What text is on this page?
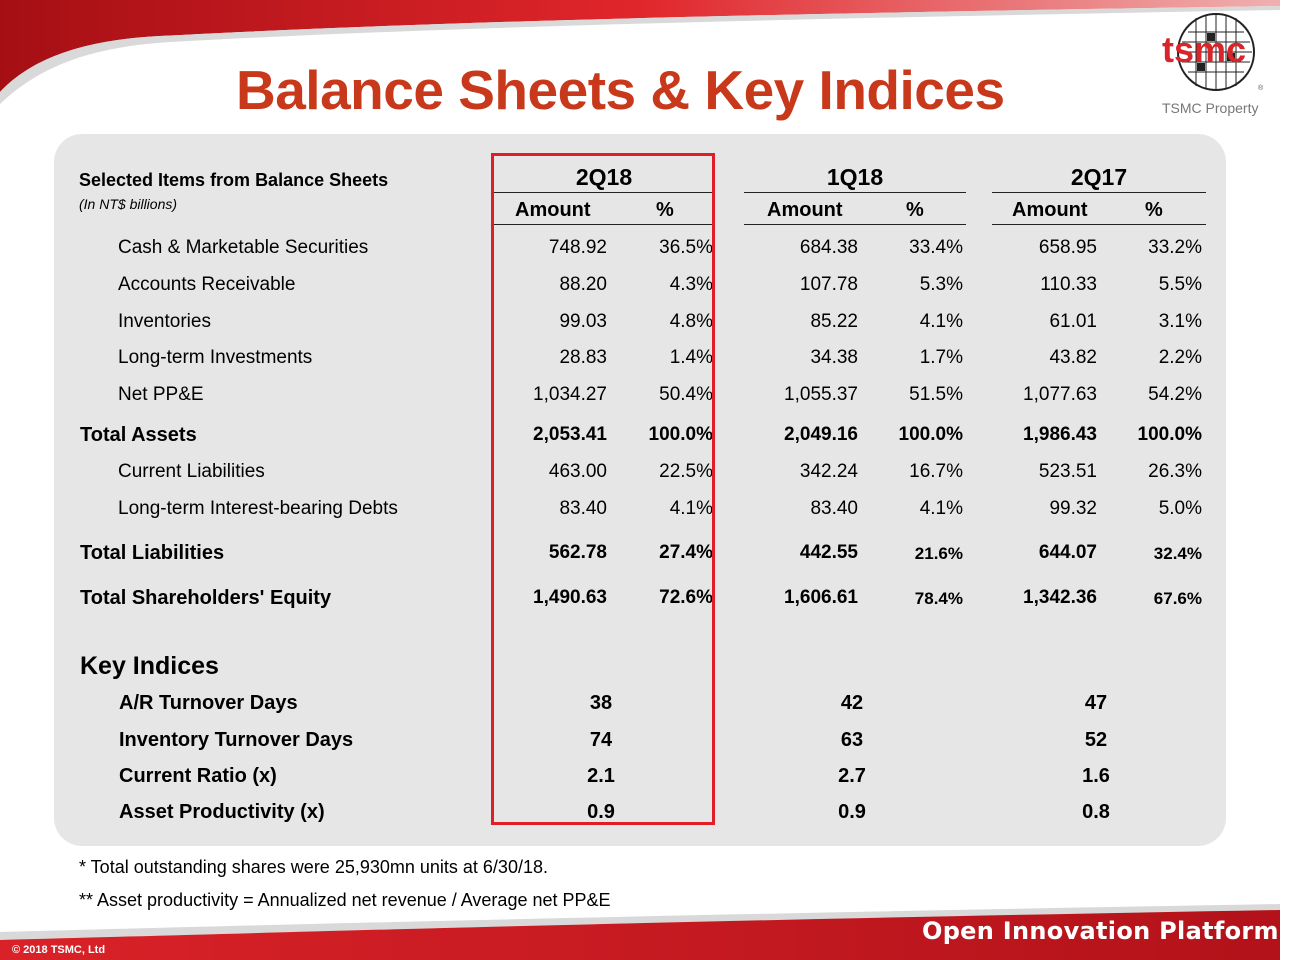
Balance Sheets & Key Indices
tsmc
®
TSMC Property
Selected Items from Balance Sheets
(In NT$ billions)
2Q18	1Q18	2Q17
Amount	%	Amount	%	Amount	%
Cash & Marketable Securities	748.92	36.5%	684.38	33.4%	658.95	33.2%
Accounts Receivable	88.20	4.3%	107.78	5.3%	110.33	5.5%
Inventories	99.03	4.8%	85.22	4.1%	61.01	3.1%
Long-term Investments	28.83	1.4%	34.38	1.7%	43.82	2.2%
Net PP&E	1,034.27	50.4%	1,055.37	51.5%	1,077.63	54.2%
Total Assets	2,053.41	100.0%	2,049.16	100.0%	1,986.43	100.0%
Current Liabilities	463.00	22.5%	342.24	16.7%	523.51	26.3%
Long-term Interest-bearing Debts	83.40	4.1%	83.40	4.1%	99.32	5.0%
Total Liabilities	562.78	27.4%	442.55	21.6%	644.07	32.4%
Total Shareholders' Equity	1,490.63	72.6%	1,606.61	78.4%	1,342.36	67.6%
Key Indices
A/R Turnover Days	38	42	47
Inventory Turnover Days	74	63	52
Current Ratio (x)	2.1	2.7	1.6
Asset Productivity (x)	0.9	0.9	0.8
* Total outstanding shares were 25,930mn units at 6/30/18.
** Asset productivity = Annualized net revenue / Average net PP&E
Open Innovation Platform®
© 2018 TSMC, Ltd
